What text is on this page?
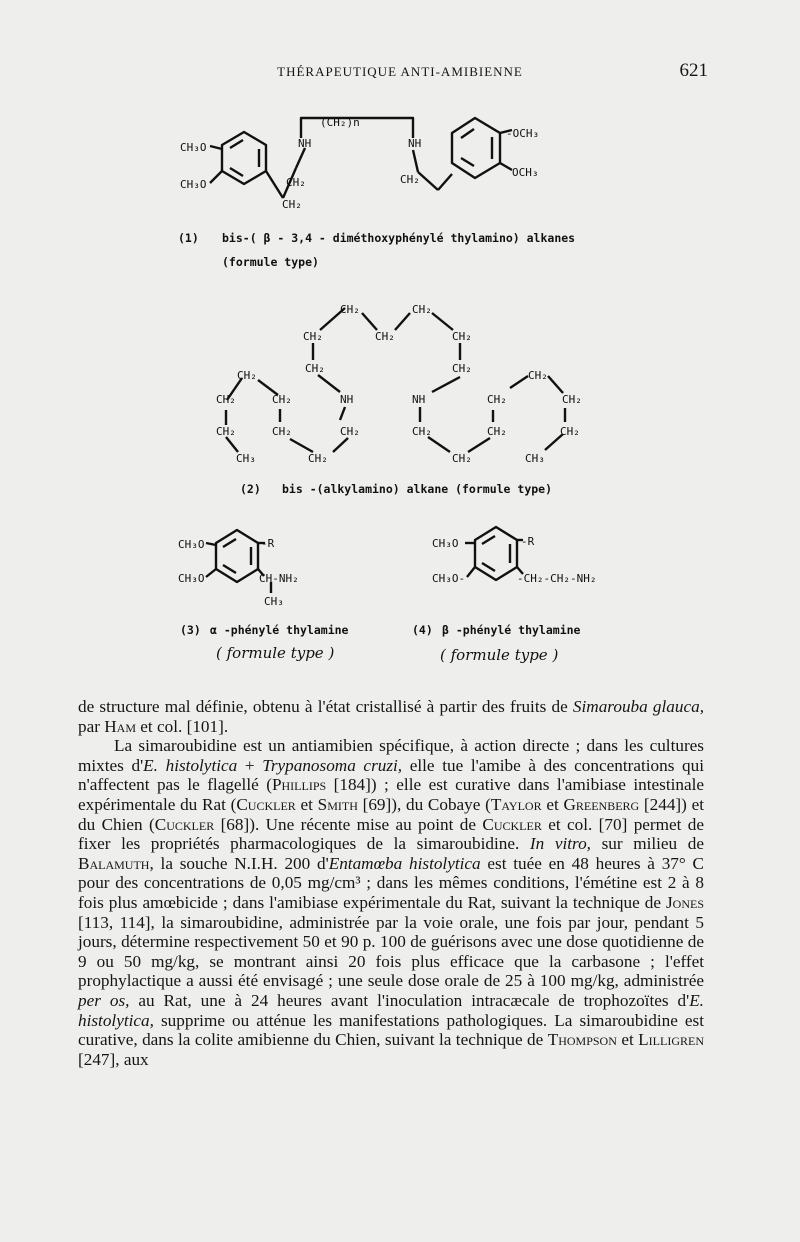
THÉRAPEUTIQUE ANTI-AMIBIENNE	621
(CH₂)n
NH	NH
CH₃O
CH₃O	CH₂
CH₂
CH₂
-OCH₃
OCH₃
CH₂	CH₂
CH₂	CH₂	CH₂
CH₂	CH₂
CH₂	CH₂
CH₂	CH₂	NH	NH	CH₂	CH₂
CH₂	CH₂	CH₂	CH₂	CH₂	CH₂
CH₃	CH₂	CH₂	CH₃
CH₃O
CH₃O
-R
CH-NH₂
CH₃
CH₃O
CH₃O-
-R
-CH₂-CH₂-NH₂
(1) bis-( β - 3,4 - diméthoxyphénylé thylamino) alkanes
(formule type)
(2) bis -(alkylamino) alkane (formule type)
(3) α -phénylé thylamine	(4) β -phénylé thylamine
( formule type )	( formule type )

de structure mal définie, obtenu à l'état cristallisé à partir des fruits de Simarouba glauca, par Ham et col. [101].

La simaroubidine est un antiamibien spécifique, à action directe ; dans les cultures mixtes d'E. histolytica + Trypanosoma cruzi, elle tue l'amibe à des concentrations qui n'affectent pas le flagellé (Phillips [184]) ; elle est curative dans l'amibiase intestinale expérimentale du Rat (Cuckler et Smith [69]), du Cobaye (Taylor et Greenberg [244]) et du Chien (Cuckler [68]). Une récente mise au point de Cuckler et col. [70] permet de fixer les propriétés pharmacologiques de la simaroubidine. In vitro, sur milieu de Balamuth, la souche N.I.H. 200 d'Entamœba histolytica est tuée en 48 heures à 37° C pour des concentrations de 0,05 mg/cm³ ; dans les mêmes conditions, l'émétine est 2 à 8 fois plus amœbicide ; dans l'amibiase expérimentale du Rat, suivant la technique de Jones [113, 114], la simaroubidine, administrée par la voie orale, une fois par jour, pendant 5 jours, détermine respectivement 50 et 90 p. 100 de guérisons avec une dose quotidienne de 9 ou 50 mg/kg, se montrant ainsi 20 fois plus efficace que la carbasone ; l'effet prophylactique a aussi été envisagé ; une seule dose orale de 25 à 100 mg/kg, administrée per os, au Rat, une à 24 heures avant l'inoculation intracæcale de trophozoïtes d'E. histolytica, supprime ou atténue les manifestations pathologiques. La simaroubidine est curative, dans la colite amibienne du Chien, suivant la technique de Thompson et Lilligren [247], aux
